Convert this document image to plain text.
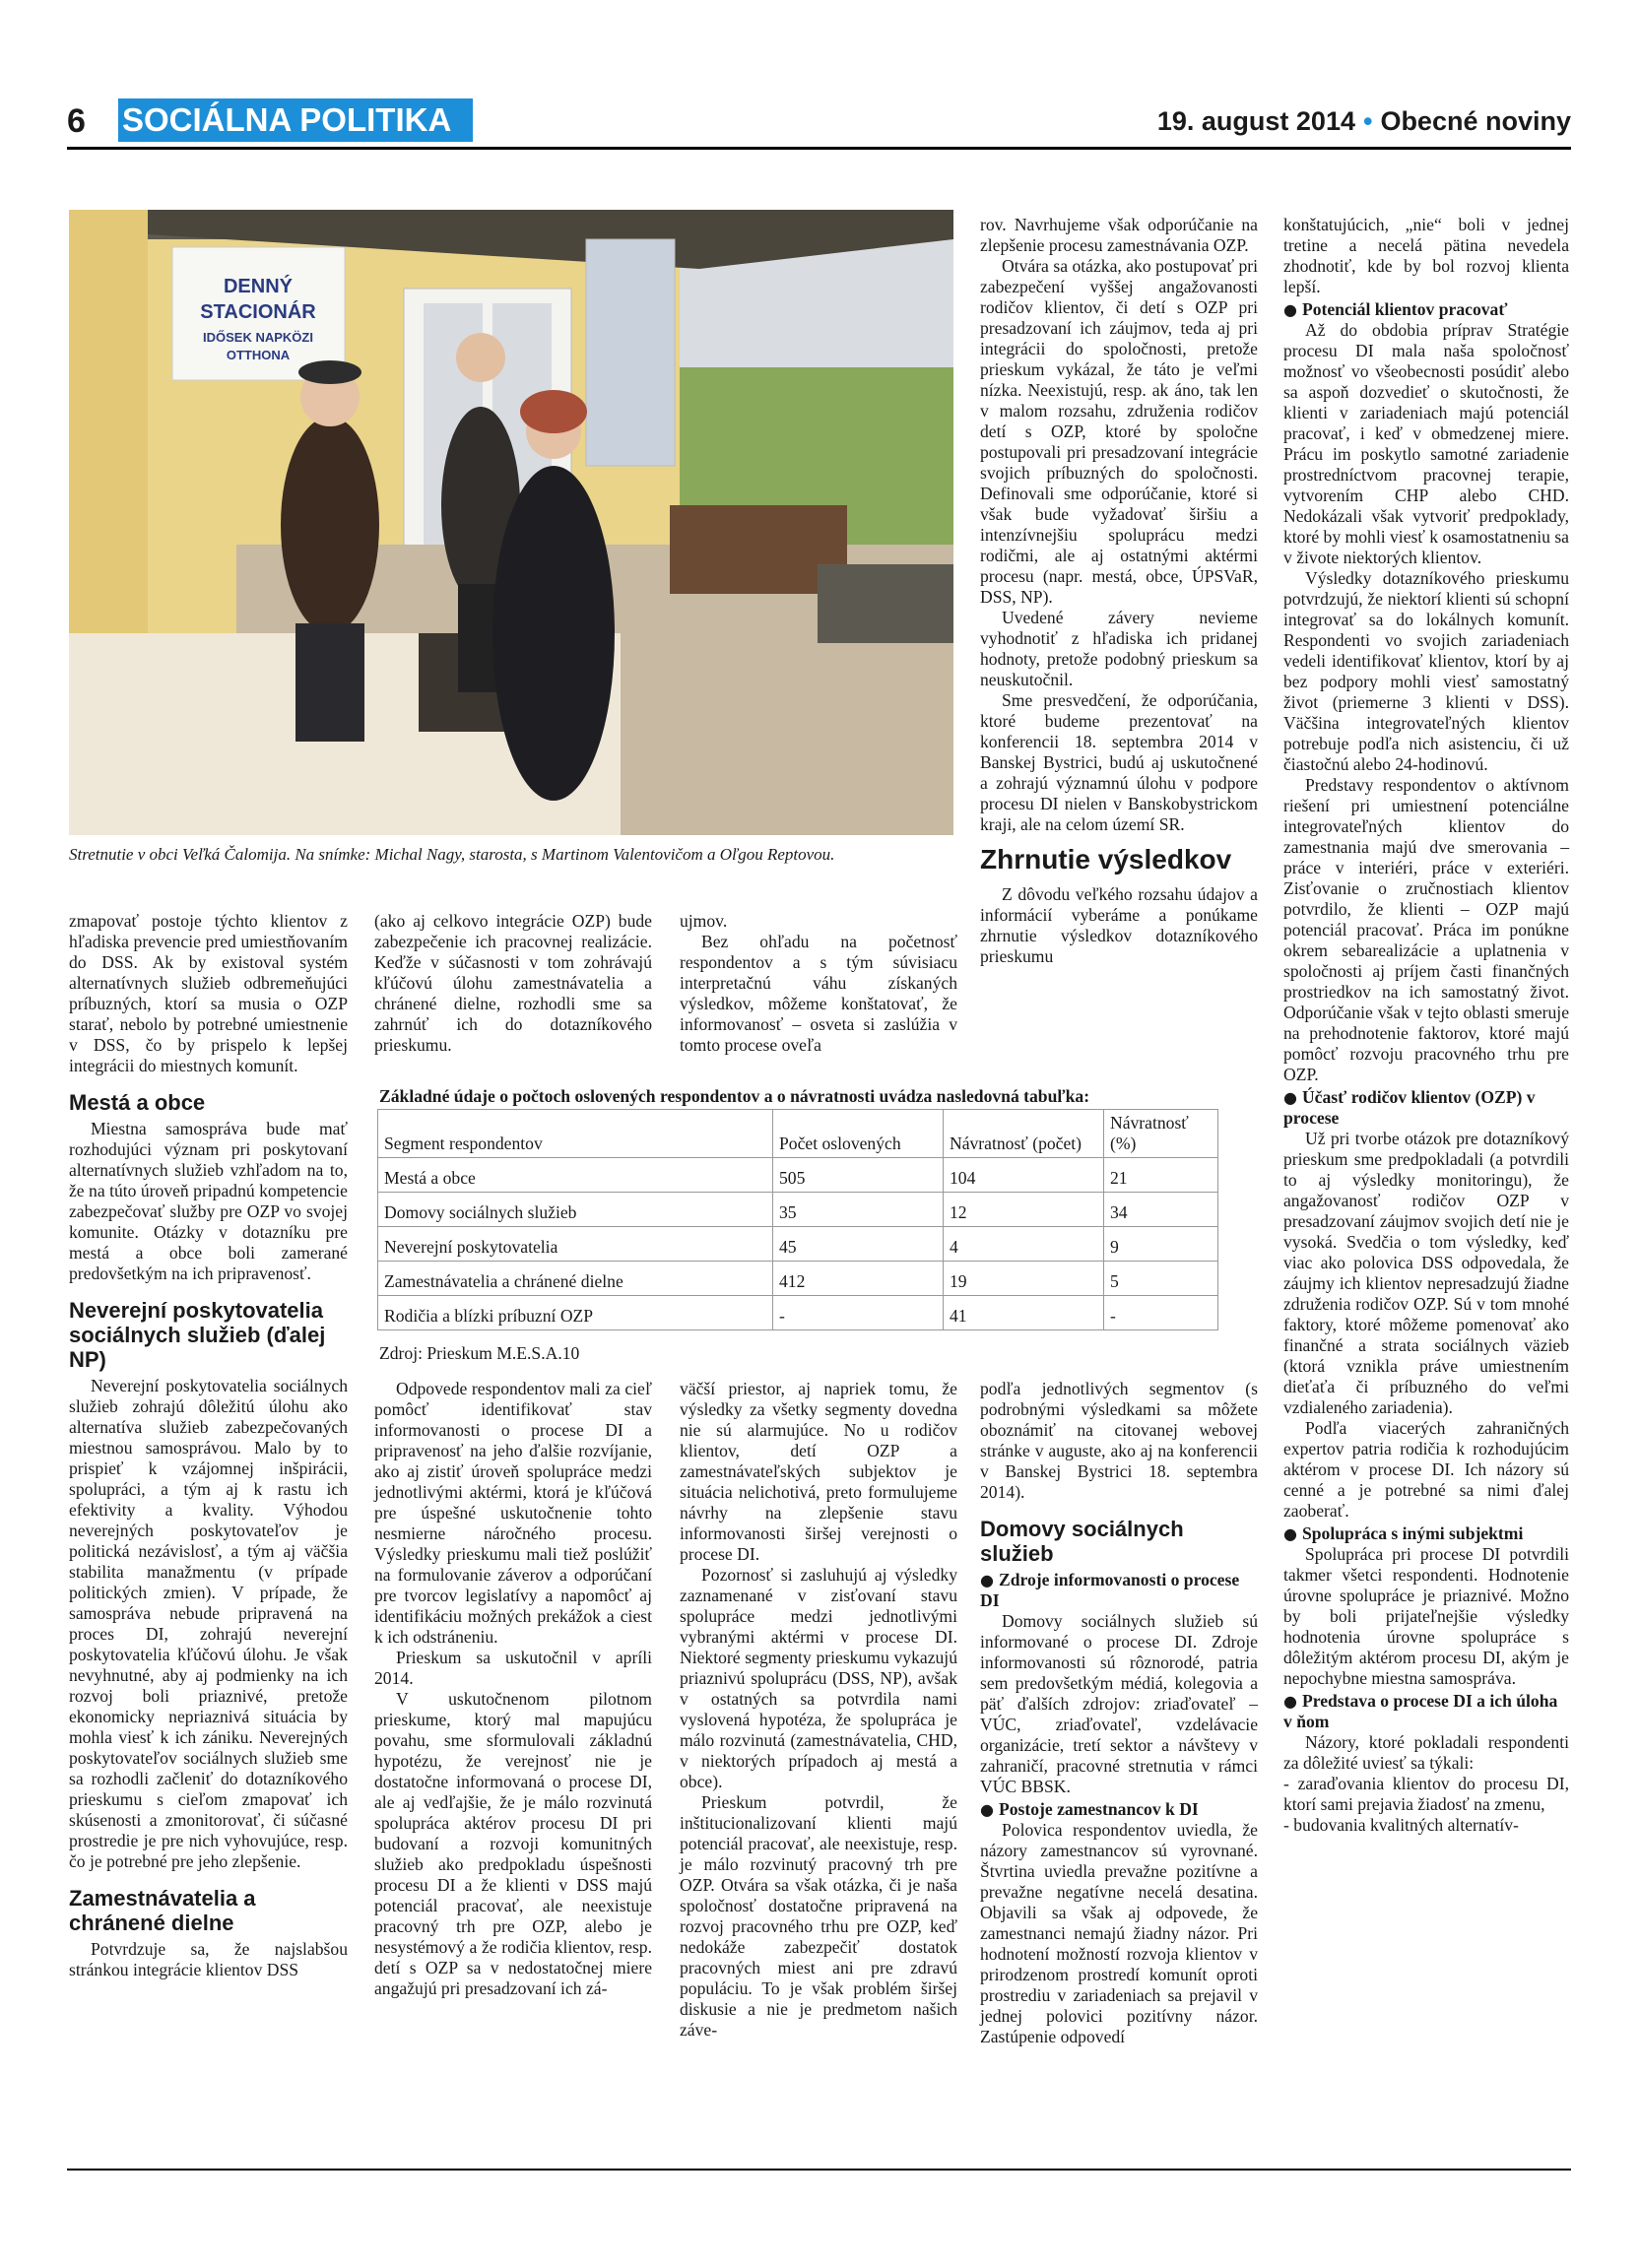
6 SOCIÁLNA POLITIKA	19. august 2014 • Obecné noviny
DENNÝ
STACIONÁR
IDŐSEK NAPKÖZI
OTTHONA
Stretnutie v obci Veľká Čalomija. Na snímke: Michal Nagy, starosta, s Martinom Valentovičom a Oľgou Reptovou.

zmapovať postoje týchto klientov z hľadiska prevencie pred umiestňovaním do DSS. Ak by existoval systém alternatívnych služieb odbremeňujúci príbuzných, ktorí sa musia o OZP starať, nebolo by potrebné umiestnenie v DSS, čo by prispelo k lepšej integrácii do miestnych komunít.

Mestá a obce

Miestna samospráva bude mať rozhodujúci význam pri poskytovaní alternatívnych služieb vzhľadom na to, že na túto úroveň pripadnú kompetencie zabezpečovať služby pre OZP vo svojej komunite. Otázky v dotazníku pre mestá a obce boli zamerané predovšetkým na ich pripravenosť.

Neverejní poskytovatelia sociálnych služieb (ďalej NP)

Neverejní poskytovatelia sociálnych služieb zohrajú dôležitú úlohu ako alternatíva služieb zabezpečovaných miestnou samosprávou. Malo by to prispieť k vzájomnej inšpirácii, spolupráci, a tým aj k rastu ich efektivity a kvality. Výhodou neverejných poskytovateľov je politická nezávislosť, a tým aj väčšia stabilita manažmentu (v prípade politických zmien). V prípade, že samospráva nebude pripravená na proces DI, zohrajú neverejní poskytovatelia kľúčovú úlohu. Je však nevyhnutné, aby aj podmienky na ich rozvoj boli priaznivé, pretože ekonomicky nepriaznivá situácia by mohla viesť k ich zániku. Neverejných poskytovateľov sociálnych služieb sme sa rozhodli začleniť do dotazníkového prieskumu s cieľom zmapovať ich skúsenosti a zmonitorovať, či súčasné prostredie je pre nich vyhovujúce, resp. čo je potrebné pre jeho zlepšenie.

Zamestnávatelia a chránené dielne

Potvrdzuje sa, že najslabšou stránkou integrácie klientov DSS

(ako aj celkovo integrácie OZP) bude zabezpečenie ich pracovnej realizácie. Keďže v súčasnosti v tom zohrávajú kľúčovú úlohu zamestnávatelia a chránené dielne, rozhodli sme sa zahrnúť ich do dotazníkového prieskumu.

ujmov.

Bez ohľadu na početnosť respondentov a s tým súvisiacu interpretačnú váhu získaných výsledkov, môžeme konštatovať, že informovanosť – osveta si zaslúžia v tomto procese oveľa

rov. Navrhujeme však odporúčanie na zlepšenie procesu zamestnávania OZP.

Otvára sa otázka, ako postupovať pri zabezpečení vyššej angažovanosti rodičov klientov, či detí s OZP pri presadzovaní ich záujmov, teda aj pri integrácii do spoločnosti, pretože prieskum vykázal, že táto je veľmi nízka. Neexistujú, resp. ak áno, tak len v malom rozsahu, združenia rodičov detí s OZP, ktoré by spoločne postupovali pri presadzovaní integrácie svojich príbuzných do spoločnosti. Definovali sme odporúčanie, ktoré si však bude vyžadovať širšiu a intenzívnejšiu spoluprácu medzi rodičmi, ale aj ostatnými aktérmi procesu (napr. mestá, obce, ÚPSVaR, DSS, NP).

Uvedené závery nevieme vyhodnotiť z hľadiska ich pridanej hodnoty, pretože podobný prieskum sa neuskutočnil.

Sme presvedčení, že odporúčania, ktoré budeme prezentovať na konferencii 18. septembra 2014 v Banskej Bystrici, budú aj uskutočnené a zohrajú významnú úlohu v podpore procesu DI nielen v Banskobystrickom kraji, ale na celom území SR.

Zhrnutie výsledkov

Z dôvodu veľkého rozsahu údajov a informácií vyberáme a ponúkame zhrnutie výsledkov dotazníkového prieskumu

Základné údaje o počtoch oslovených respondentov a o návratnosti uvádza nasledovná tabuľka:
Segment respondentov	Počet oslovených	Návratnosť (počet)	Návratnosť (%)
Mestá a obce	505	104	21
Domovy sociálnych služieb	35	12	34
Neverejní poskytovatelia	45	4	9
Zamestnávatelia a chránené dielne	412	19	5
Rodičia a blízki príbuzní OZP	-	41	-
Zdroj: Prieskum M.E.S.A.10

Odpovede respondentov mali za cieľ pomôcť identifikovať stav informovanosti o procese DI a pripravenosť na jeho ďalšie rozvíjanie, ako aj zistiť úroveň spolupráce medzi jednotlivými aktérmi, ktorá je kľúčová pre úspešné uskutočnenie tohto nesmierne náročného procesu. Výsledky prieskumu mali tiež poslúžiť na formulovanie záverov a odporúčaní pre tvorcov legislatívy a napomôcť aj identifikáciu možných prekážok a ciest k ich odstráneniu.

Prieskum sa uskutočnil v apríli 2014.

V uskutočnenom pilotnom prieskume, ktorý mal mapujúcu povahu, sme sformulovali základnú hypotézu, že verejnosť nie je dostatočne informovaná o procese DI, ale aj vedľajšie, že je málo rozvinutá spolupráca aktérov procesu DI pri budovaní a rozvoji komunitných služieb ako predpokladu úspešnosti procesu DI a že klienti v DSS majú potenciál pracovať, ale neexistuje pracovný trh pre OZP, alebo je nesystémový a že rodičia klientov, resp. detí s OZP sa v nedostatočnej miere angažujú pri presadzovaní ich zá-

väčší priestor, aj napriek tomu, že výsledky za všetky segmenty dovedna nie sú alarmujúce. No u rodičov klientov, detí OZP a zamestnávateľských subjektov je situácia nelichotivá, preto formulujeme návrhy na zlepšenie stavu informovanosti širšej verejnosti o procese DI.

Pozornosť si zasluhujú aj výsledky zaznamenané v zisťovaní stavu spolupráce medzi jednotlivými vybranými aktérmi v procese DI. Niektoré segmenty prieskumu vykazujú priaznivú spoluprácu (DSS, NP), avšak v ostatných sa potvrdila nami vyslovená hypotéza, že spolupráca je málo rozvinutá (zamestnávatelia, CHD, v niektorých prípadoch aj mestá a obce).

Prieskum potvrdil, že inštitucionalizovaní klienti majú potenciál pracovať, ale neexistuje, resp. je málo rozvinutý pracovný trh pre OZP. Otvára sa však otázka, či je naša spoločnosť dostatočne pripravená na rozvoj pracovného trhu pre OZP, keď nedokáže zabezpečiť dostatok pracovných miest ani pre zdravú populáciu. To je však problém širšej diskusie a nie je predmetom našich záve-

podľa jednotlivých segmentov (s podrobnými výsledkami sa môžete oboznámiť na citovanej webovej stránke v auguste, ako aj na konferencii v Banskej Bystrici 18. septembra 2014).

Domovy sociálnych služieb
● Zdroje informovanosti o procese DI

Domovy sociálnych služieb sú informované o procese DI. Zdroje informovanosti sú rôznorodé, patria sem predovšetkým médiá, kolegovia a päť ďalších zdrojov: zriaďovateľ – VÚC, zriaďovateľ, vzdelávacie organizácie, tretí sektor a návštevy v zahraničí, pracovné stretnutia v rámci VÚC BBSK.

● Postoje zamestnancov k DI

Polovica respondentov uviedla, že názory zamestnancov sú vyrovnané. Štvrtina uviedla prevažne pozitívne a prevažne negatívne necelá desatina. Objavili sa však aj odpovede, že zamestnanci nemajú žiadny názor. Pri hodnotení možností rozvoja klientov v prirodzenom prostredí komunít oproti prostrediu v zariadeniach sa prejavil v jednej polovici pozitívny názor. Zastúpenie odpovedí

konštatujúcich, „nie“ boli v jednej tretine a necelá pätina nevedela zhodnotiť, kde by bol rozvoj klienta lepší.

● Potenciál klientov pracovať

Až do obdobia príprav Stratégie procesu DI mala naša spoločnosť možnosť vo všeobecnosti posúdiť alebo sa aspoň dozvedieť o skutočnosti, že klienti v zariadeniach majú potenciál pracovať, i keď v obmedzenej miere. Prácu im poskytlo samotné zariadenie prostredníctvom pracovnej terapie, vytvorením CHP alebo CHD. Nedokázali však vytvoriť predpoklady, ktoré by mohli viesť k osamostatneniu sa v živote niektorých klientov.

Výsledky dotazníkového prieskumu potvrdzujú, že niektorí klienti sú schopní integrovať sa do lokálnych komunít. Respondenti vo svojich zariadeniach vedeli identifikovať klientov, ktorí by aj bez podpory mohli viesť samostatný život (priemerne 3 klienti v DSS). Väčšina integrovateľných klientov potrebuje podľa nich asistenciu, či už čiastočnú alebo 24-hodinovú.

Predstavy respondentov o aktívnom riešení pri umiestnení potenciálne integrovateľných klientov do zamestnania majú dve smerovania – práce v interiéri, práce v exteriéri. Zisťovanie o zručnostiach klientov potvrdilo, že klienti – OZP majú potenciál pracovať. Práca im ponúkne okrem sebarealizácie a uplatnenia v spoločnosti aj príjem časti finančných prostriedkov na ich samostatný život. Odporúčanie však v tejto oblasti smeruje na prehodnotenie faktorov, ktoré majú pomôcť rozvoju pracovného trhu pre OZP.

● Účasť rodičov klientov (OZP) v procese

Už pri tvorbe otázok pre dotazníkový prieskum sme predpokladali (a potvrdili to aj výsledky monitoringu), že angažovanosť rodičov OZP v presadzovaní záujmov svojich detí nie je vysoká. Svedčia o tom výsledky, keď viac ako polovica DSS odpovedala, že záujmy ich klientov nepresadzujú žiadne združenia rodičov OZP. Sú v tom mnohé faktory, ktoré môžeme pomenovať ako finančné a strata sociálnych väzieb (ktorá vznikla práve umiestnením dieťaťa či príbuzného do veľmi vzdialeného zariadenia).

Podľa viacerých zahraničných expertov patria rodičia k rozhodujúcim aktérom v procese DI. Ich názory sú cenné a je potrebné sa nimi ďalej zaoberať.

● Spolupráca s inými subjektmi

Spolupráca pri procese DI potvrdili takmer všetci respondenti. Hodnotenie úrovne spolupráce je priaznivé. Možno by boli prijateľnejšie výsledky hodnotenia úrovne spolupráce s dôležitým aktérom procesu DI, akým je nepochybne miestna samospráva.

● Predstava o procese DI a ich úloha v ňom

Názory, ktoré pokladali respondenti za dôležité uviesť sa týkali:

- zaraďovania klientov do procesu DI, ktorí sami prejavia žiadosť na zmenu,

- budovania kvalitných alternatív-
